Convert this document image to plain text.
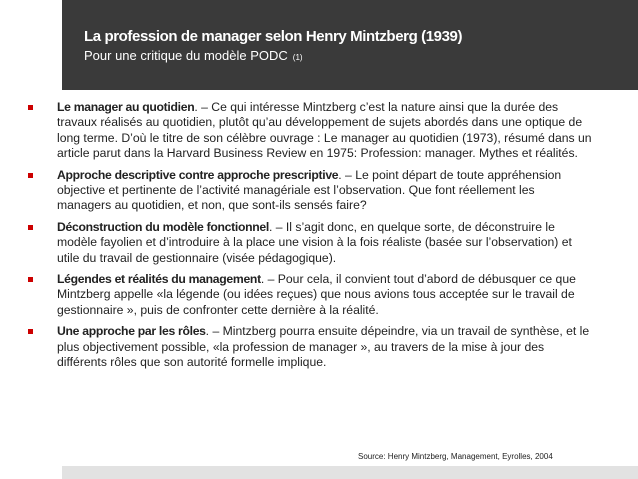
La profession de manager selon Henry Mintzberg (1939)
Pour une critique du modèle PODC (1)
Le manager au quotidien. – Ce qui intéresse Mintzberg c’est la nature ainsi que la durée des travaux réalisés au quotidien, plutôt qu’au développement de sujets abordés dans une optique de long terme. D’où le titre de son célèbre ouvrage : Le manager au quotidien (1973), résumé dans un article parut dans la Harvard Business Review en 1975: Profession: manager. Mythes et réalités.
Approche descriptive contre approche prescriptive. – Le point départ de toute appréhension objective et pertinente de l’activité managériale est l’observation. Que font réellement les managers au quotidien, et non, que sont-ils sensés faire?
Déconstruction du modèle fonctionnel. – Il s’agit donc, en quelque sorte, de déconstruire le modèle fayolien et d’introduire à la place une vision à la fois réaliste (basée sur l’observation) et utile du travail de gestionnaire (visée pédagogique).
Légendes et réalités du management. – Pour cela, il convient tout d’abord de débusquer ce que Mintzberg appelle «la légende (ou idées reçues) que nous avions tous acceptée sur le travail de gestionnaire », puis de confronter cette dernière à la réalité.
Une approche par les rôles. – Mintzberg pourra ensuite dépeindre, via un travail de synthèse, et le plus objectivement possible, «la profession de manager », au travers de la mise à jour des différents rôles que son autorité formelle implique.
Source: Henry Mintzberg, Management, Eyrolles, 2004
